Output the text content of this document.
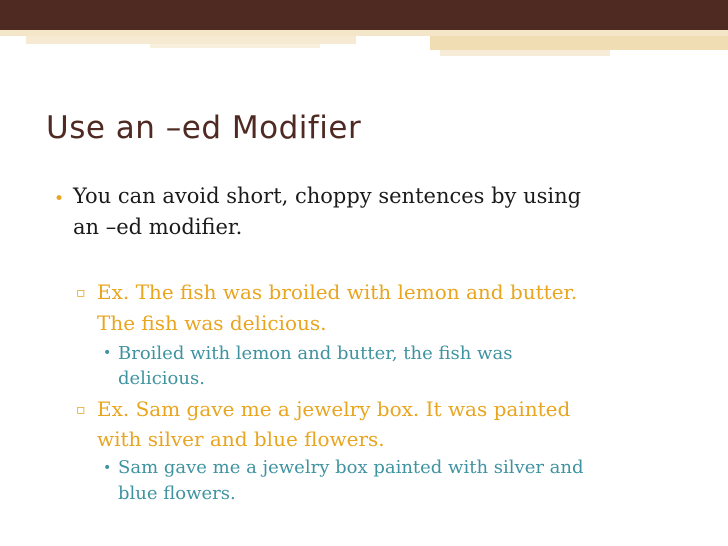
Use an –ed Modifier
• You can avoid short, choppy sentences by using
an –ed modifier.
▫ Ex. The fish was broiled with lemon and butter.
The fish was delicious.
• Broiled with lemon and butter, the fish was
delicious.
▫ Ex. Sam gave me a jewelry box. It was painted
with silver and blue flowers.
• Sam gave me a jewelry box painted with silver and
blue flowers.
